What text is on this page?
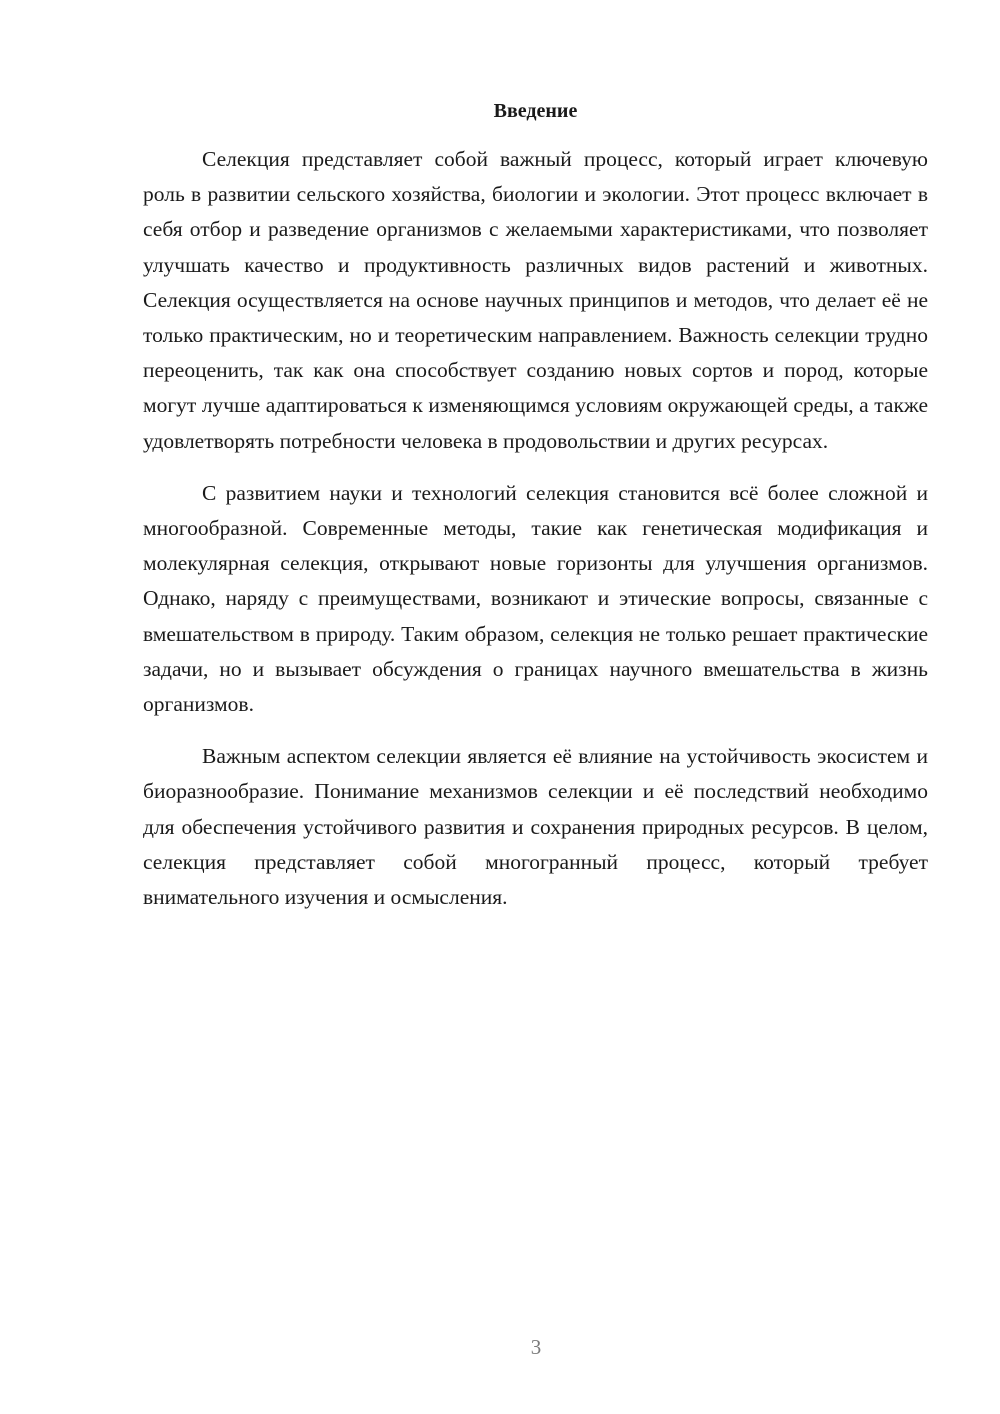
Введение

Селекция представляет собой важный процесс, который играет ключевую роль в развитии сельского хозяйства, биологии и экологии. Этот процесс включает в себя отбор и разведение организмов с желаемыми характеристиками, что позволяет улучшать качество и продуктивность различных видов растений и животных. Селекция осуществляется на основе научных принципов и методов, что делает её не только практическим, но и теоретическим направлением. Важность селекции трудно переоценить, так как она способствует созданию новых сортов и пород, которые могут лучше адаптироваться к изменяющимся условиям окружающей среды, а также удовлетворять потребности человека в продовольствии и других ресурсах.

С развитием науки и технологий селекция становится всё более сложной и многообразной. Современные методы, такие как генетическая модификация и молекулярная селекция, открывают новые горизонты для улучшения организмов. Однако, наряду с преимуществами, возникают и этические вопросы, связанные с вмешательством в природу. Таким образом, селекция не только решает практические задачи, но и вызывает обсуждения о границах научного вмешательства в жизнь организмов.

Важным аспектом селекции является её влияние на устойчивость экосистем и биоразнообразие. Понимание механизмов селекции и её последствий необходимо для обеспечения устойчивого развития и сохранения природных ресурсов. В целом, селекция представляет собой многогранный процесс, который требует внимательного изучения и осмысления.

3
